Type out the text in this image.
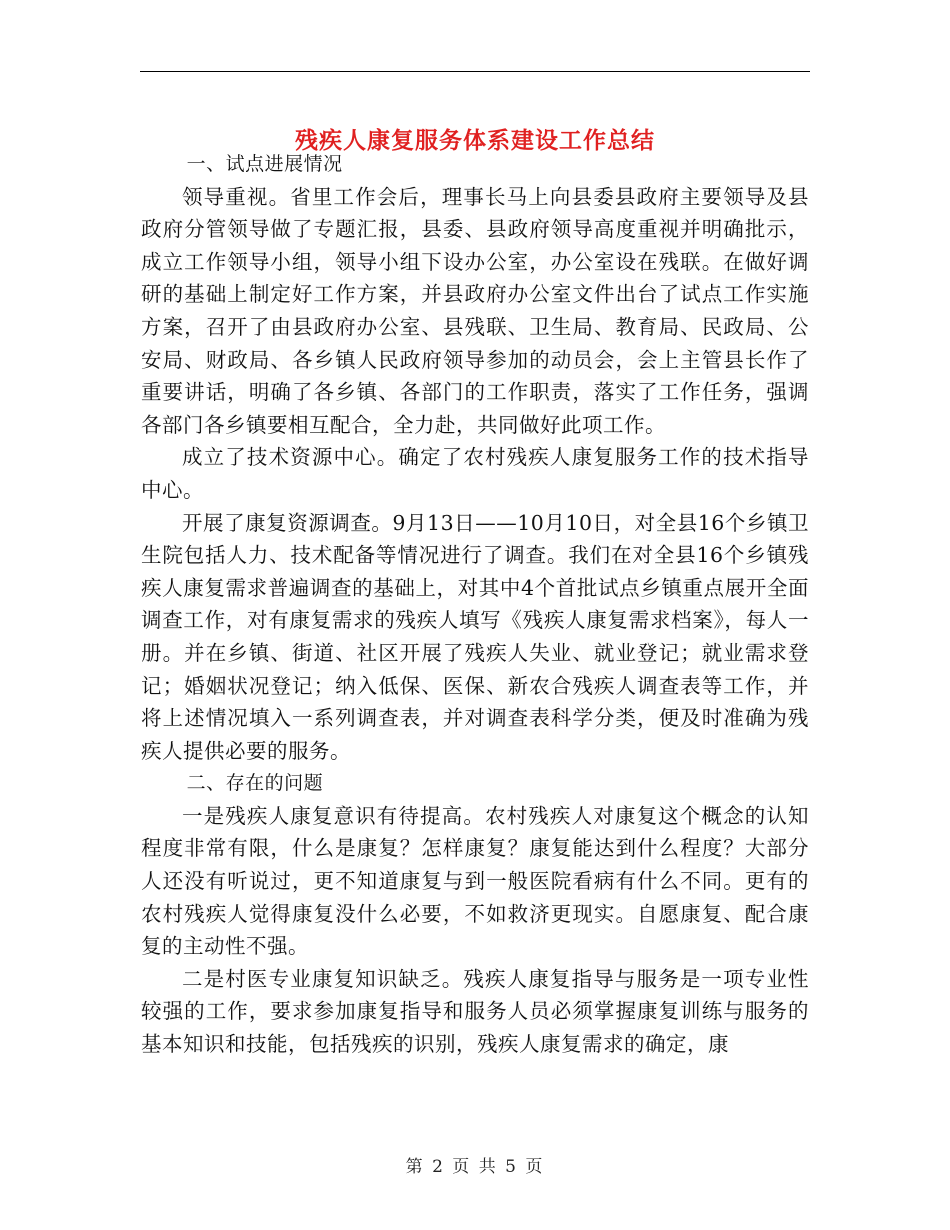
残疾人康复服务体系建设工作总结

一、试点进展情况

领导重视。省里工作会后，理事长马上向县委县政府主要领导及县政府分管领导做了专题汇报，县委、县政府领导高度重视并明确批示，成立工作领导小组，领导小组下设办公室，办公室设在残联。在做好调研的基础上制定好工作方案，并县政府办公室文件出台了试点工作实施方案，召开了由县政府办公室、县残联、卫生局、教育局、民政局、公安局、财政局、各乡镇人民政府领导参加的动员会，会上主管县长作了重要讲话，明确了各乡镇、各部门的工作职责，落实了工作任务，强调各部门各乡镇要相互配合，全力赴，共同做好此项工作。

成立了技术资源中心。确定了农村残疾人康复服务工作的技术指导中心。

开展了康复资源调查。9月13日——10月10日，对全县16个乡镇卫生院包括人力、技术配备等情况进行了调查。我们在对全县16个乡镇残疾人康复需求普遍调查的基础上，对其中4个首批试点乡镇重点展开全面调查工作，对有康复需求的残疾人填写《残疾人康复需求档案》，每人一册。并在乡镇、街道、社区开展了残疾人失业、就业登记；就业需求登记；婚姻状况登记；纳入低保、医保、新农合残疾人调查表等工作，并将上述情况填入一系列调查表，并对调查表科学分类，便及时准确为残疾人提供必要的服务。

二、存在的问题

一是残疾人康复意识有待提高。农村残疾人对康复这个概念的认知程度非常有限，什么是康复？怎样康复？康复能达到什么程度？大部分人还没有听说过，更不知道康复与到一般医院看病有什么不同。更有的农村残疾人觉得康复没什么必要，不如救济更现实。自愿康复、配合康复的主动性不强。

二是村医专业康复知识缺乏。残疾人康复指导与服务是一项专业性较强的工作，要求参加康复指导和服务人员必须掌握康复训练与服务的基本知识和技能，包括残疾的识别，残疾人康复需求的确定，康

第 2 页 共 5 页
